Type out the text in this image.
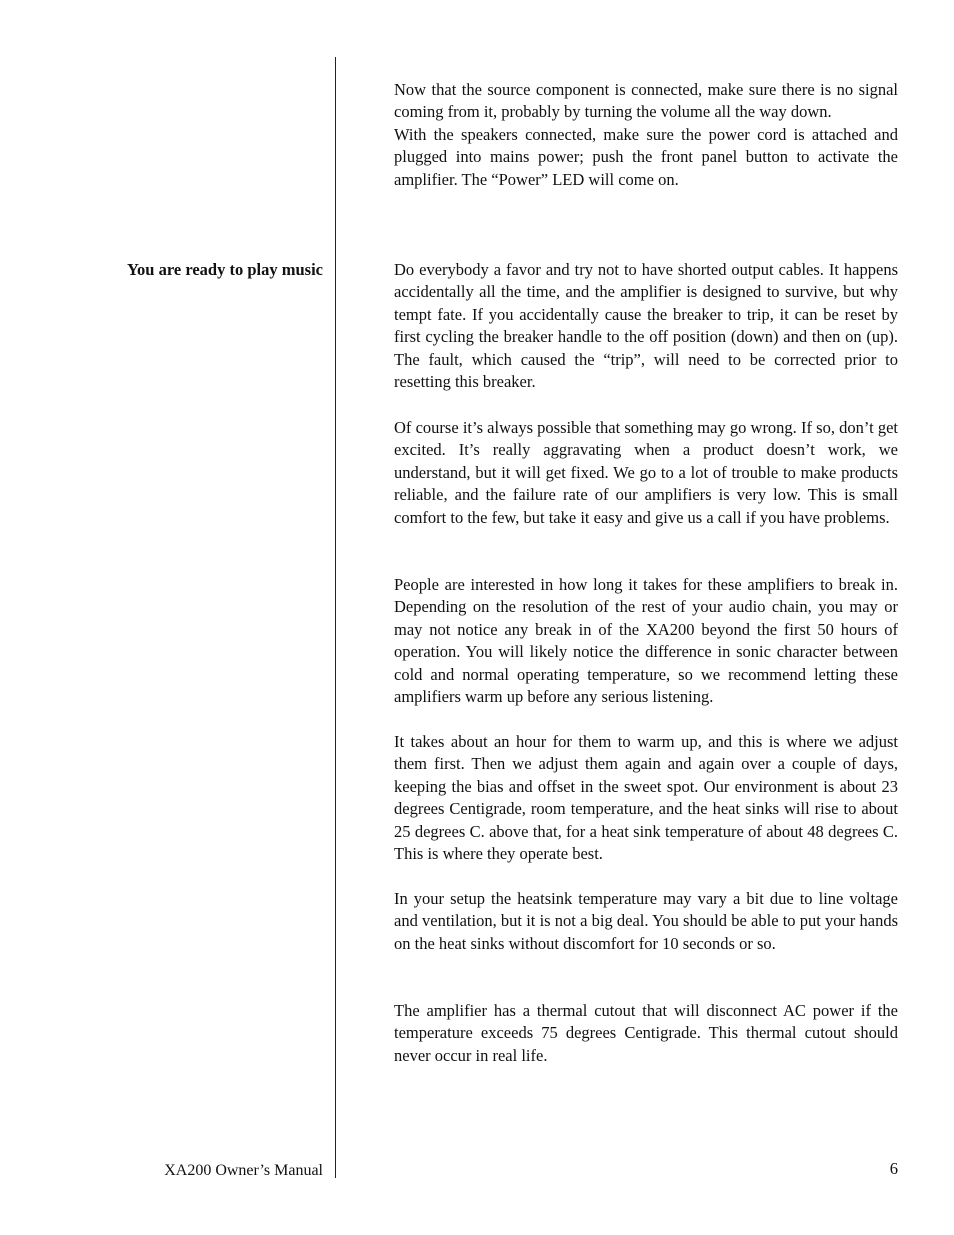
Now that the source component is connected, make sure there is no signal coming from it, probably by turning the volume all the way down.

With the speakers connected, make sure the power cord is attached and plugged into mains power; push the front panel button to activate the amplifier. The “Power” LED will come on.

You are ready to play music	Do everybody a favor and try not to have shorted output cables. It happens accidentally all the time, and the amplifier is designed to survive, but why tempt fate. If you accidentally cause the breaker to trip, it can be reset by first cycling the breaker handle to the off position (down) and then on (up). The fault, which caused the “trip”, will need to be corrected prior to resetting this breaker.

Of course it’s always possible that something may go wrong. If so, don’t get excited. It’s really aggravating when a product doesn’t work, we understand, but it will get fixed. We go to a lot of trouble to make products reliable, and the failure rate of our amplifiers is very low. This is small comfort to the few, but take it easy and give us a call if you have problems.

People are interested in how long it takes for these amplifiers to break in. Depending on the resolution of the rest of your audio chain, you may or may not notice any break in of the XA200 beyond the first 50 hours of operation. You will likely notice the difference in sonic character between cold and normal operating temperature, so we recommend letting these amplifiers warm up before any serious listening.

It takes about an hour for them to warm up, and this is where we adjust them first. Then we adjust them again and again over a couple of days, keeping the bias and offset in the sweet spot. Our environment is about 23 degrees Centigrade, room temperature, and the heat sinks will rise to about 25 degrees C. above that, for a heat sink temperature of about 48 degrees C. This is where they operate best.

In your setup the heatsink temperature may vary a bit due to line voltage and ventilation, but it is not a big deal. You should be able to put your hands on the heat sinks without discomfort for 10 seconds or so.

The amplifier has a thermal cutout that will disconnect AC power if the temperature exceeds 75 degrees Centigrade. This thermal cutout should never occur in real life.

XA200 Owner’s Manual	6
